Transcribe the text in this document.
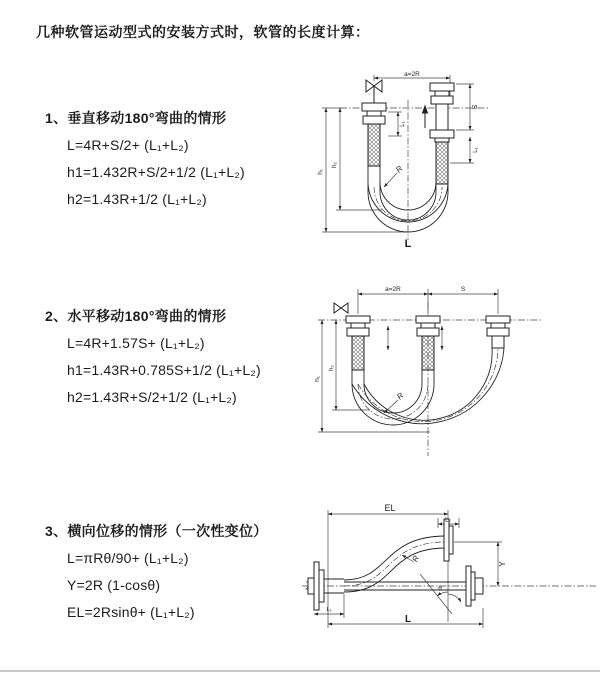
几种软管运动型式的安装方式时，软管的长度计算：
1、垂直移动180°弯曲的情形
L=4R+S/2+ (L₁+L₂)
h1=1.432R+S/2+1/2 (L₁+L₂)
h2=1.43R+1/2 (L₁+L₂)
2、水平移动180°弯曲的情形
L=4R+1.57S+ (L₁+L₂)
h1=1.43R+0.785S+1/2 (L₁+L₂)
h2=1.43R+S/2+1/2 (L₁+L₂)
3、横向位移的情形（一次性变位）
L=πRθ/90+ (L₁+L₂)
Y=2R (1-cosθ)
EL=2Rsinθ+ (L₁+L₂)
a=2R
S
L₁
L₁
h₁
h₂	R
L
a=2R	S
h₁
h₂
R
EL
L₂
Y
R
θ
L
L₁
